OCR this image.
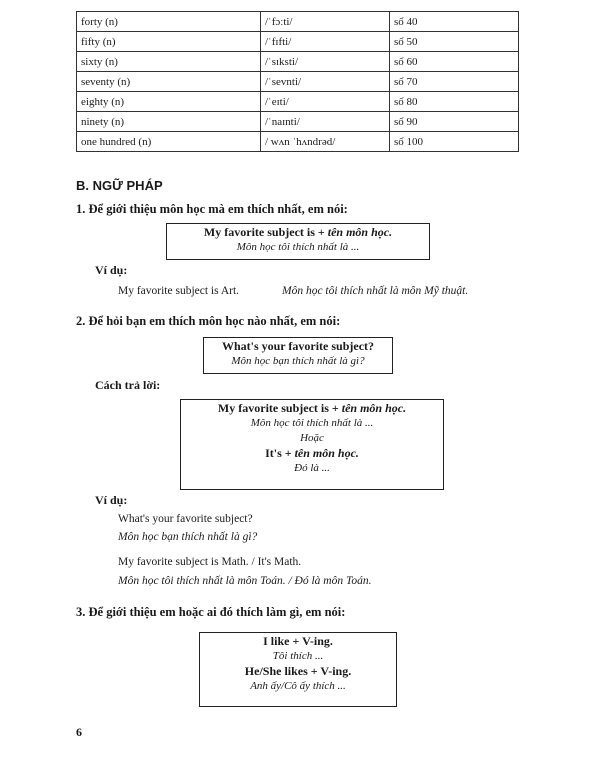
forty (n)	/ˈfɔːti/	số 40
fifty (n)	/ˈfɪfti/	số 50
sixty (n)	/ˈsɪksti/	số 60
seventy (n)	/ˈsevnti/	số 70
eighty (n)	/ˈeɪti/	số 80
ninety (n)	/ˈnaɪnti/	số 90
one hundred (n)	/ wʌn ˈhʌndrəd/	số 100
B. NGỮ PHÁP
1. Để giới thiệu môn học mà em thích nhất, em nói:
My favorite subject is + tên môn học.
Môn học tôi thích nhất là ...
Ví dụ:
My favorite subject is Art.	Môn học tôi thích nhất là môn Mỹ thuật.
2. Để hỏi bạn em thích môn học nào nhất, em nói:
What's your favorite subject?
Môn học bạn thích nhất là gì?
Cách trả lời:
My favorite subject is + tên môn học.
Môn học tôi thích nhất là ...
Hoặc
It's + tên môn học.
Đó là ...
Ví dụ:
What's your favorite subject?
Môn học bạn thích nhất là gì?
My favorite subject is Math. / It's Math.
Môn học tôi thích nhất là môn Toán. / Đó là môn Toán.
3. Để giới thiệu em hoặc ai đó thích làm gì, em nói:
I like + V-ing.
Tôi thích ...
He/She likes + V-ing.
Anh ấy/Cô ấy thích ...
6
